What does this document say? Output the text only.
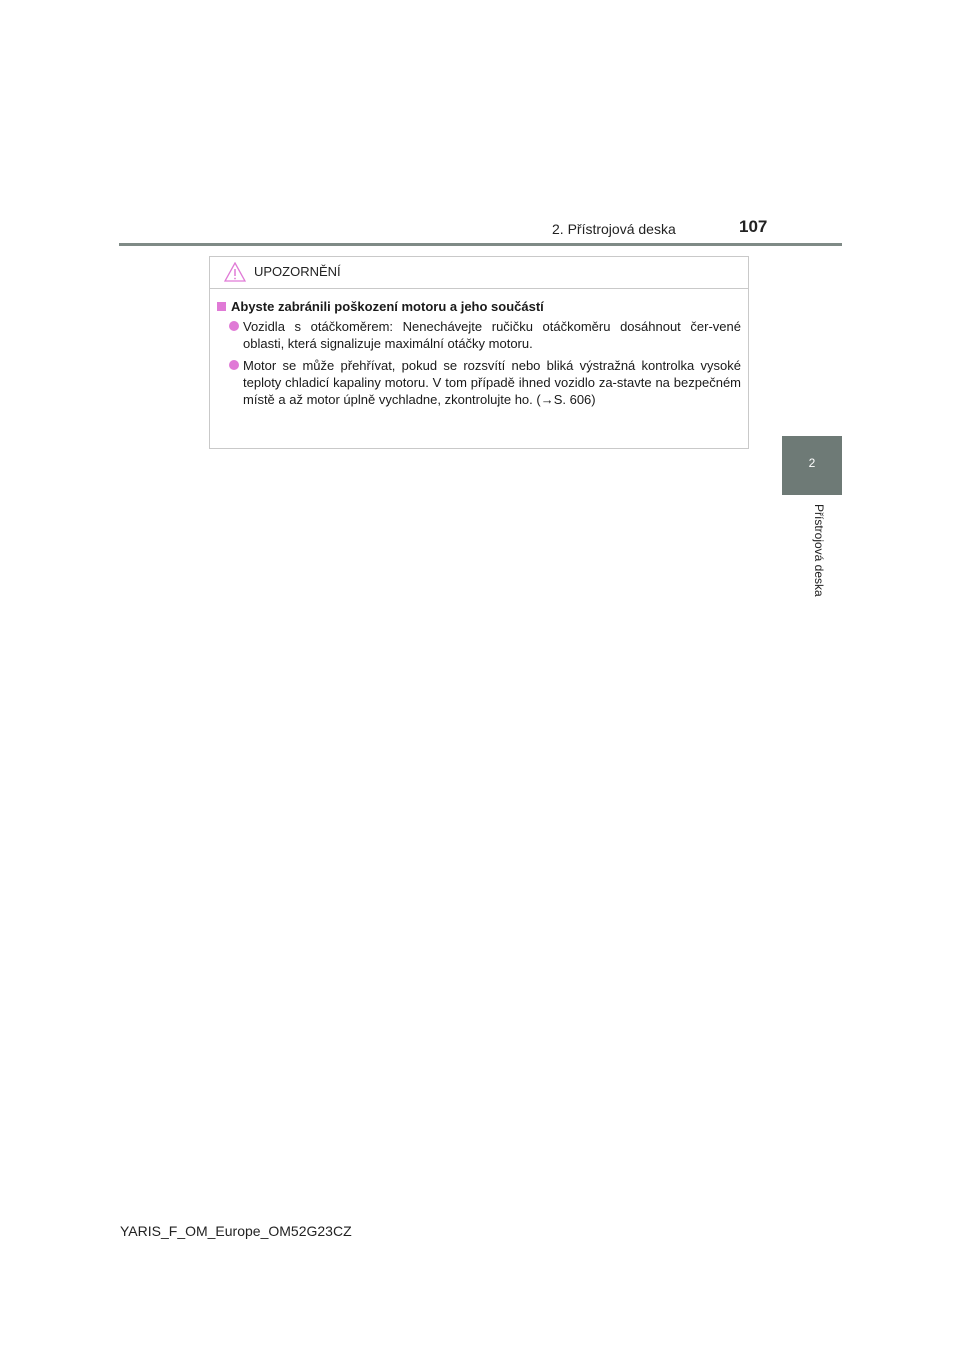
2. Přístrojová deska	107
2
Přístrojová deska
UPOZORNĚNÍ
Abyste zabránili poškození motoru a jeho součástí
Vozidla s otáčkoměrem: Nenechávejte ručičku otáčkoměru dosáhnout čer-vené oblasti, která signalizuje maximální otáčky motoru.
Motor se může přehřívat, pokud se rozsvítí nebo bliká výstražná kontrolka vysoké teploty chladicí kapaliny motoru. V tom případě ihned vozidlo za-stavte na bezpečném místě a až motor úplně vychladne, zkontrolujte ho. (→S. 606)
YARIS_F_OM_Europe_OM52G23CZ
